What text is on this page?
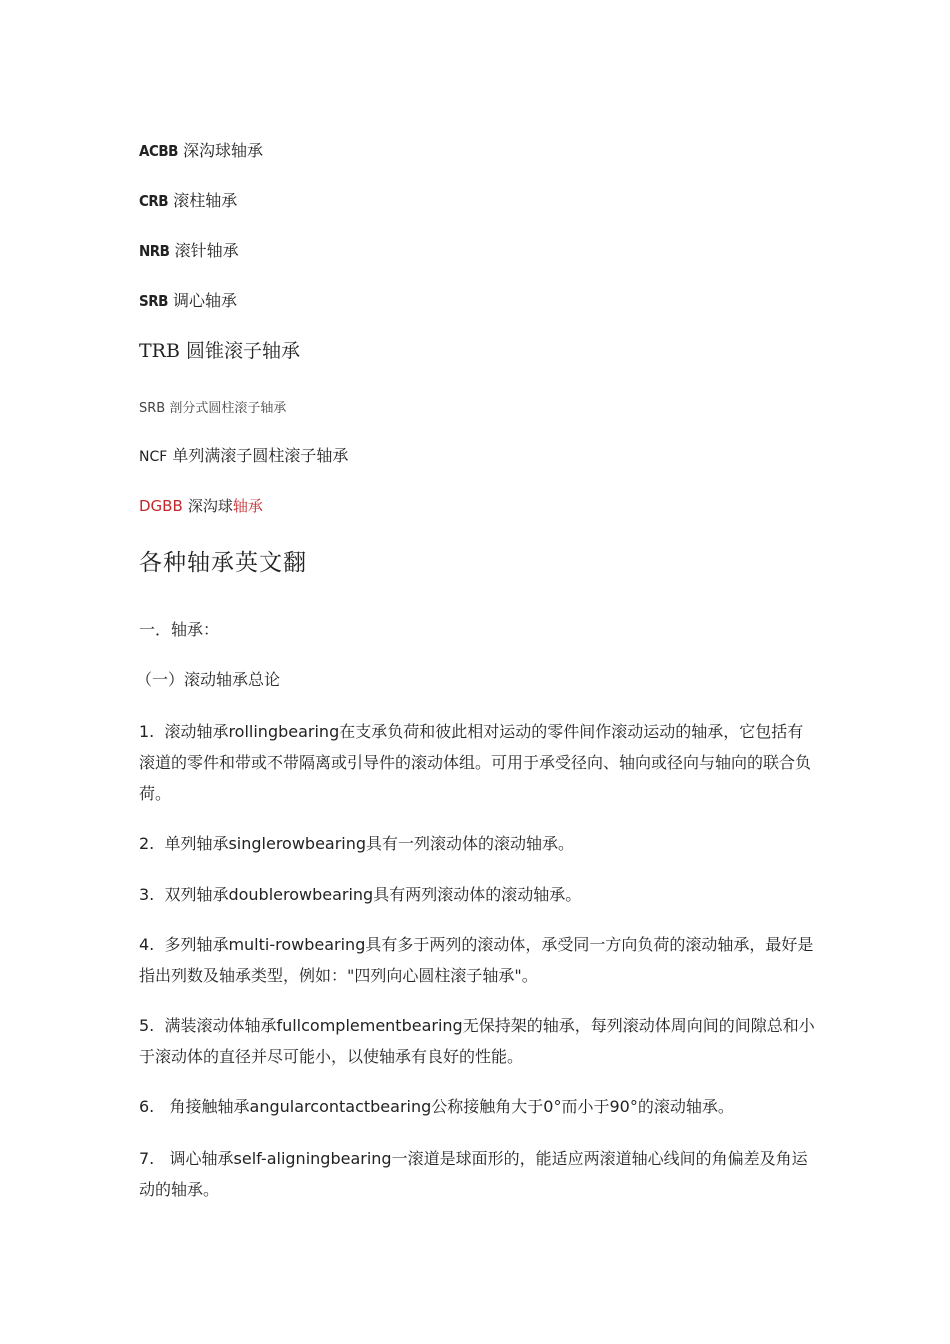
ACBB 深沟球轴承
CRB 滚柱轴承
NRB 滚针轴承
SRB 调心轴承
TRB 圆锥滚子轴承
SRB 剖分式圆柱滚子轴承
NCF 单列满滚子圆柱滚子轴承
DGBB 深沟球轴承
各种轴承英文翻
一．轴承：
（一）滚动轴承总论
1. 滚动轴承rollingbearing在支承负荷和彼此相对运动的零件间作滚动运动的轴承，它包括有滚道的零件和带或不带隔离或引导件的滚动体组。可用于承受径向、轴向或径向与轴向的联合负荷。
2. 单列轴承singlerowbearing具有一列滚动体的滚动轴承。
3. 双列轴承doublerowbearing具有两列滚动体的滚动轴承。
4. 多列轴承multi-rowbearing具有多于两列的滚动体，承受同一方向负荷的滚动轴承，最好是指出列数及轴承类型，例如："四列向心圆柱滚子轴承"。
5. 满装滚动体轴承fullcomplementbearing无保持架的轴承，每列滚动体周向间的间隙总和小于滚动体的直径并尽可能小，以使轴承有良好的性能。
6. 角接触轴承angularcontactbearing公称接触角大于0°而小于90°的滚动轴承。
7. 调心轴承self-aligningbearing一滚道是球面形的，能适应两滚道轴心线间的角偏差及角运动的轴承。
